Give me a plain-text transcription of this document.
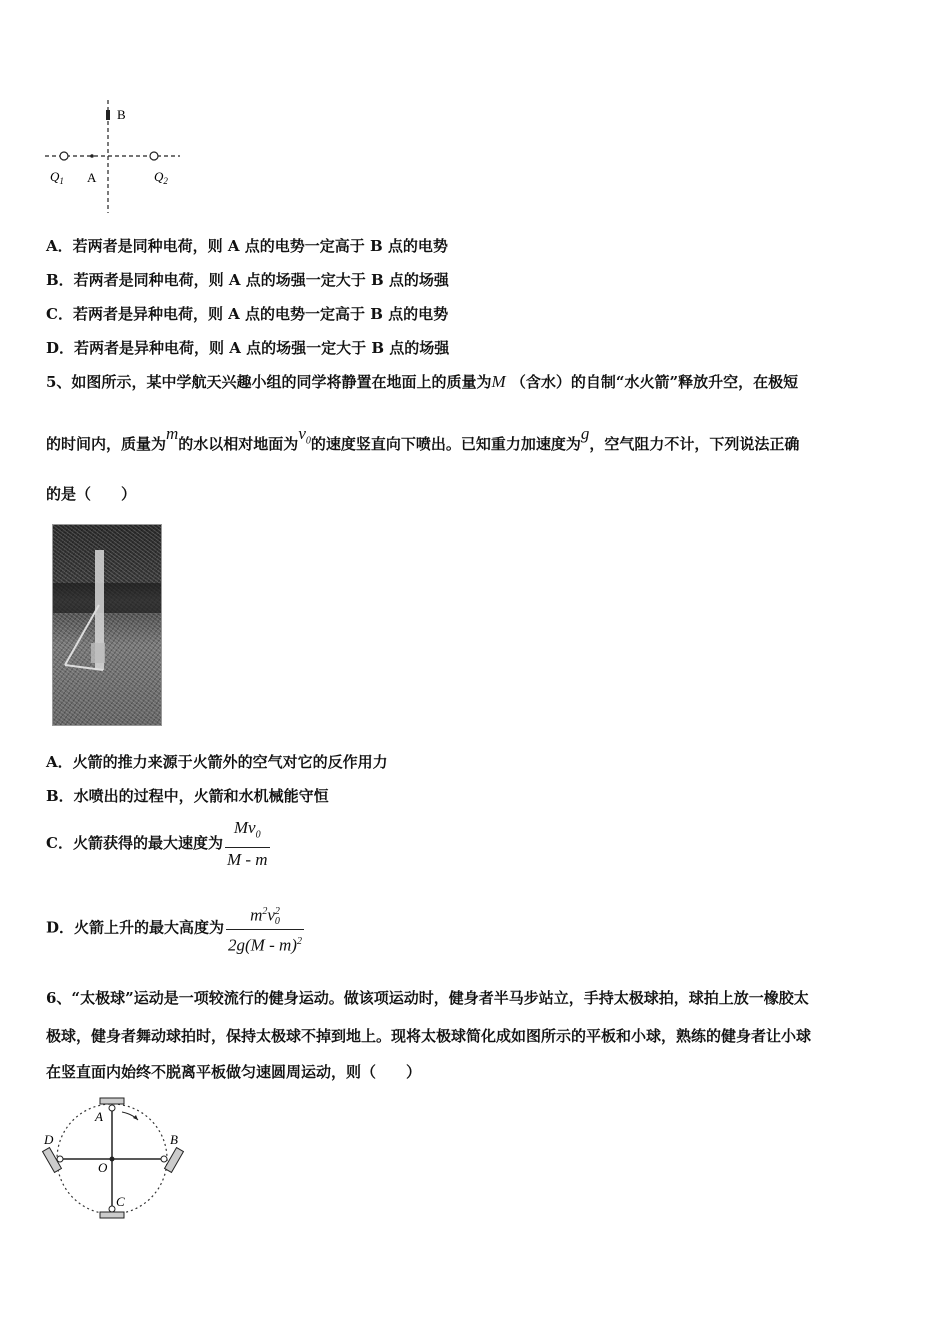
B
A
$Q_1$	$Q_2$
A．若两者是同种电荷，则 A 点的电势一定高于 B 点的电势
B．若两者是同种电荷，则 A 点的场强一定大于 B 点的场强
C．若两者是异种电荷，则 A 点的电势一定高于 B 点的电势
D．若两者是异种电荷，则 A 点的场强一定大于 B 点的场强
5、如图所示，某中学航天兴趣小组的同学将静置在地面上的质量为M （含水）的自制“水火箭”释放升空，在极短
的时间内，质量为m的水以相对地面为$v_0$的速度竖直向下喷出。已知重力加速度为g，空气阻力不计，下列说法正确
的是（　　）
A．火箭的推力来源于火箭外的空气对它的反作用力
B．水喷出的过程中，火箭和水机械能守恒
C．火箭获得的最大速度为 $\frac{Mv_0}{M - m}$
D．火箭上升的最大高度为 $m^2v$ 2
0
2g(M - m)$^2$
6、“太极球”运动是一项较流行的健身运动。做该项运动时，健身者半马步站立，手持太极球拍，球拍上放一橡胶太
极球，健身者舞动球拍时，保持太极球不掉到地上。现将太极球简化成如图所示的平板和小球，熟练的健身者让小球
在竖直面内始终不脱离平板做匀速圆周运动，则（　　）
A
B
C
D
O
